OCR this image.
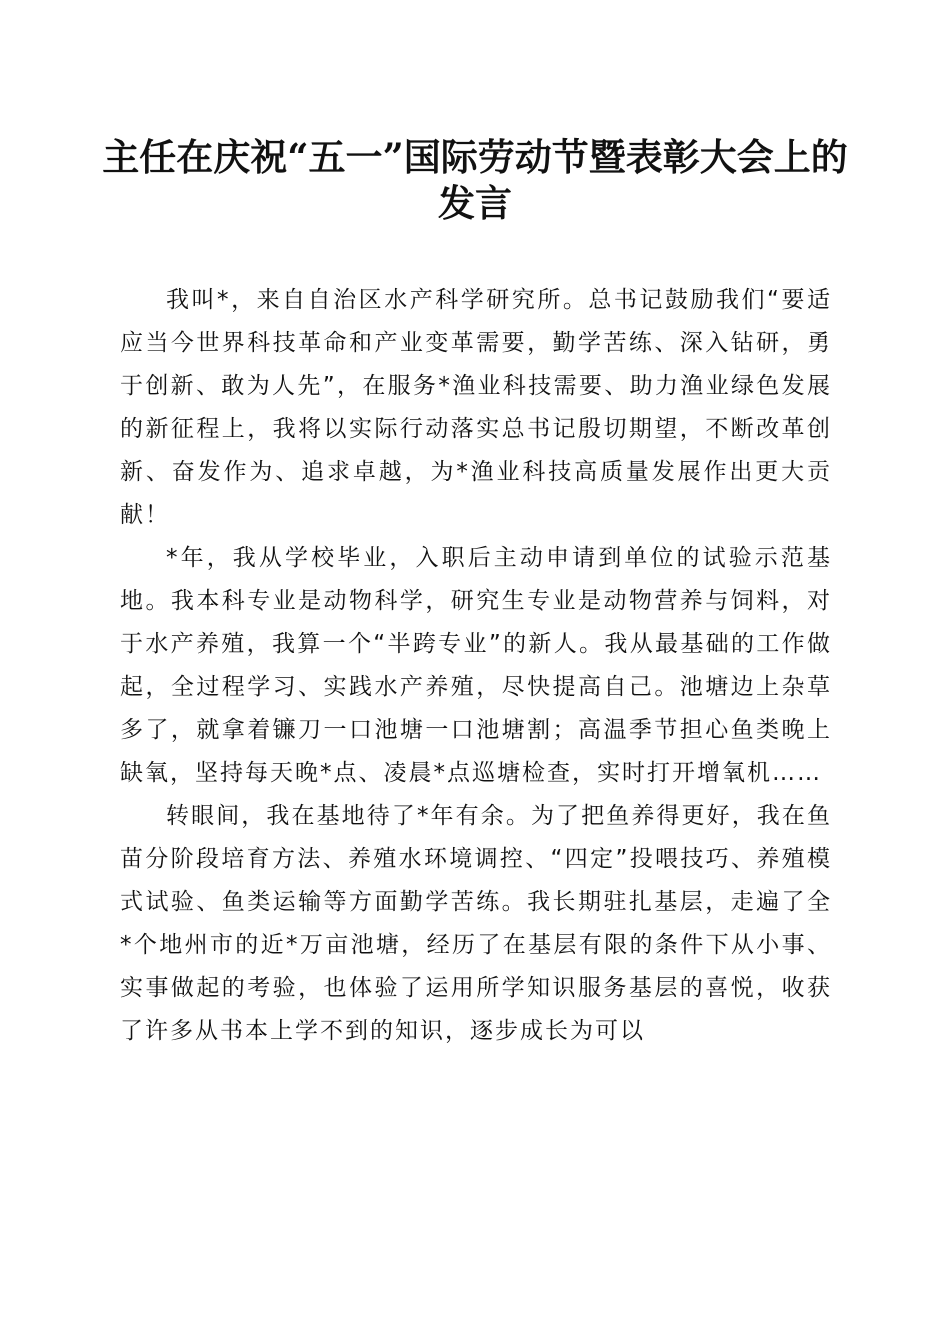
主任在庆祝“五一”国际劳动节暨表彰大会上的发言

我叫*，来自自治区水产科学研究所。总书记鼓励我们“要适应当今世界科技革命和产业变革需要，勤学苦练、深入钻研，勇于创新、敢为人先”，在服务*渔业科技需要、助力渔业绿色发展的新征程上，我将以实际行动落实总书记殷切期望，不断改革创新、奋发作为、追求卓越，为*渔业科技高质量发展作出更大贡献！

*年，我从学校毕业，入职后主动申请到单位的试验示范基地。我本科专业是动物科学，研究生专业是动物营养与饲料，对于水产养殖，我算一个“半跨专业”的新人。我从最基础的工作做起，全过程学习、实践水产养殖，尽快提高自己。池塘边上杂草多了，就拿着镰刀一口池塘一口池塘割；高温季节担心鱼类晚上缺氧，坚持每天晚*点、凌晨*点巡塘检查，实时打开增氧机……

转眼间，我在基地待了*年有余。为了把鱼养得更好，我在鱼苗分阶段培育方法、养殖水环境调控、“四定”投喂技巧、养殖模式试验、鱼类运输等方面勤学苦练。我长期驻扎基层，走遍了全*个地州市的近*万亩池塘，经历了在基层有限的条件下从小事、实事做起的考验，也体验了运用所学知识服务基层的喜悦，收获了许多从书本上学不到的知识，逐步成长为可以
